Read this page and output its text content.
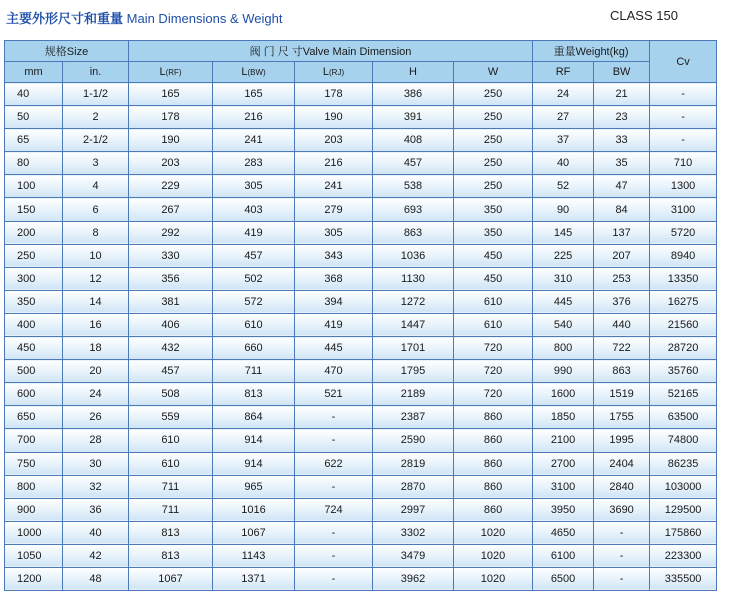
主要外形尺寸和重量 Main Dimensions & Weight	CLASS 150
规格Size		阀 门 尺 寸Valve Main Dimension					重量Weight(kg)		Cv
mm	in.	L(RF)	L(BW)	L(RJ)	H	W	RF	BW	
40	1-1/2	165	165	178	386	250	24	21	-
50	2	178	216	190	391	250	27	23	-
65	2-1/2	190	241	203	408	250	37	33	-
80	3	203	283	216	457	250	40	35	710
100	4	229	305	241	538	250	52	47	1300
150	6	267	403	279	693	350	90	84	3100
200	8	292	419	305	863	350	145	137	5720
250	10	330	457	343	1036	450	225	207	8940
300	12	356	502	368	1130	450	310	253	13350
350	14	381	572	394	1272	610	445	376	16275
400	16	406	610	419	1447	610	540	440	21560
450	18	432	660	445	1701	720	800	722	28720
500	20	457	711	470	1795	720	990	863	35760
600	24	508	813	521	2189	720	1600	1519	52165
650	26	559	864	-	2387	860	1850	1755	63500
700	28	610	914	-	2590	860	2100	1995	74800
750	30	610	914	622	2819	860	2700	2404	86235
800	32	711	965	-	2870	860	3100	2840	103000
900	36	711	1016	724	2997	860	3950	3690	129500
1000	40	813	1067	-	3302	1020	4650	-	175860
1050	42	813	1143	-	3479	1020	6100	-	223300
1200	48	1067	1371	-	3962	1020	6500	-	335500
